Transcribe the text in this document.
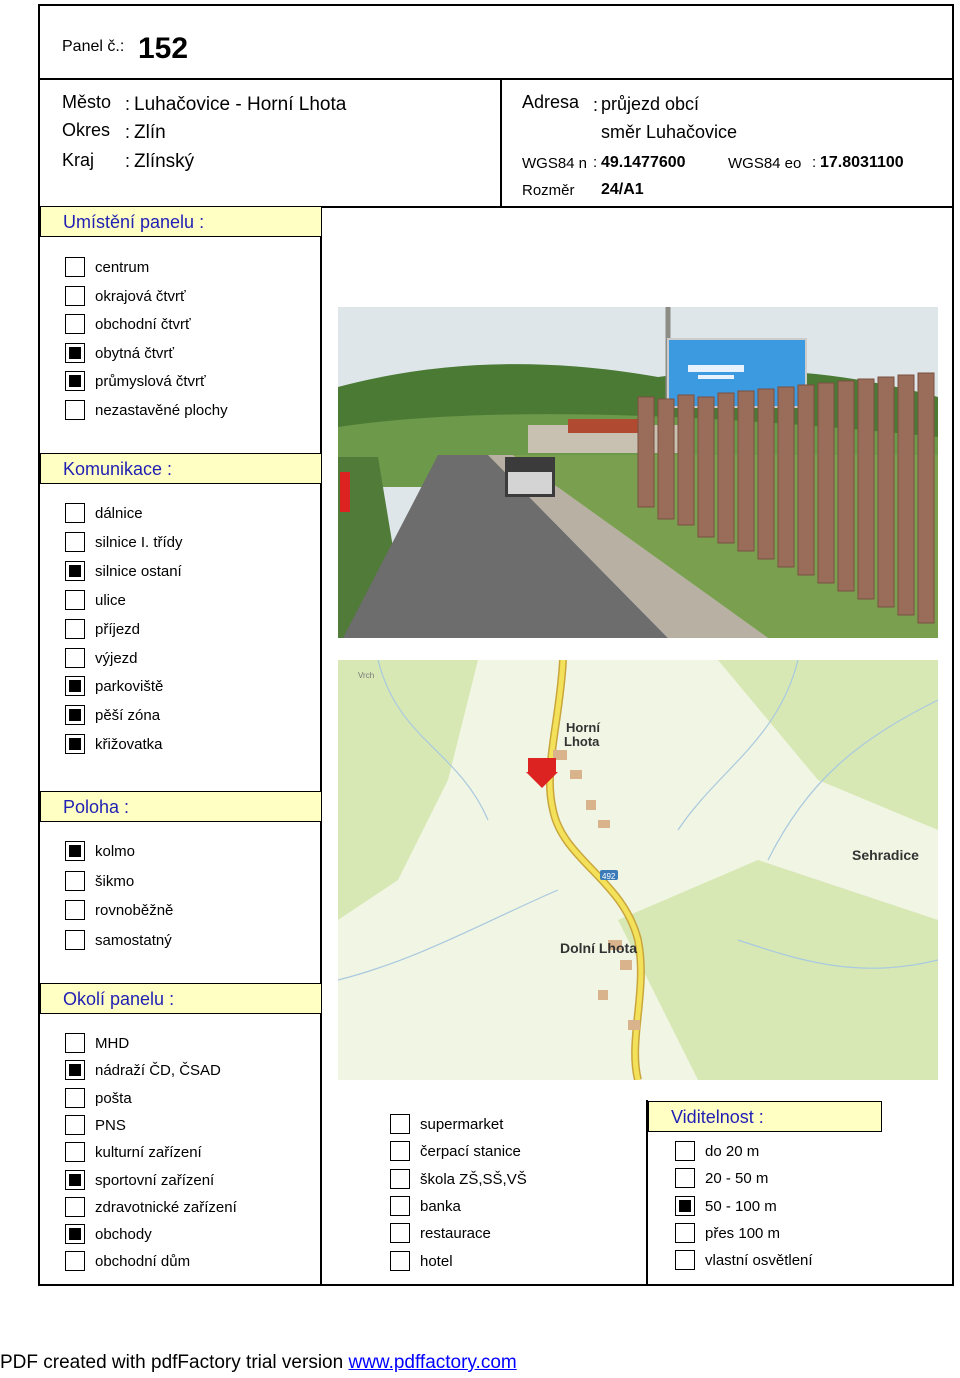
Panel č.: 152
Město : Luhačovice - Horní Lhota
Okres : Zlín
Kraj : Zlínský
Adresa : průjezd obcí
směr Luhačovice
WGS84 n : 49.1477600	WGS84 eo : 17.8031100
Rozměr 24/A1
Umístění panelu :
Komunikace :
Poloha :
Okolí panelu :
Viditelnost :
centrum
okrajová čtvrť
obchodní čtvrť
obytná čtvrť
průmyslová čtvrť
nezastavěné plochy
dálnice
silnice I. třídy
silnice ostaní
ulice
příjezd
výjezd
parkoviště
pěší zóna
křižovatka
kolmo
šikmo
rovnoběžně
samostatný
MHD
nádraží ČD, ČSAD
pošta
PNS
kulturní zařízení
sportovní zařízení
zdravotnické zařízení
obchody
obchodní dům
supermarket
čerpací stanice
škola ZŠ,SŠ,VŠ
banka
restaurace
hotel
do 20 m
20 - 50 m
50 - 100 m
přes 100 m
vlastní osvětlení
492
Horní
Lhota
Sehradice
Dolní Lhota
Vrch
PDF created with pdfFactory trial version www.pdffactory.com
